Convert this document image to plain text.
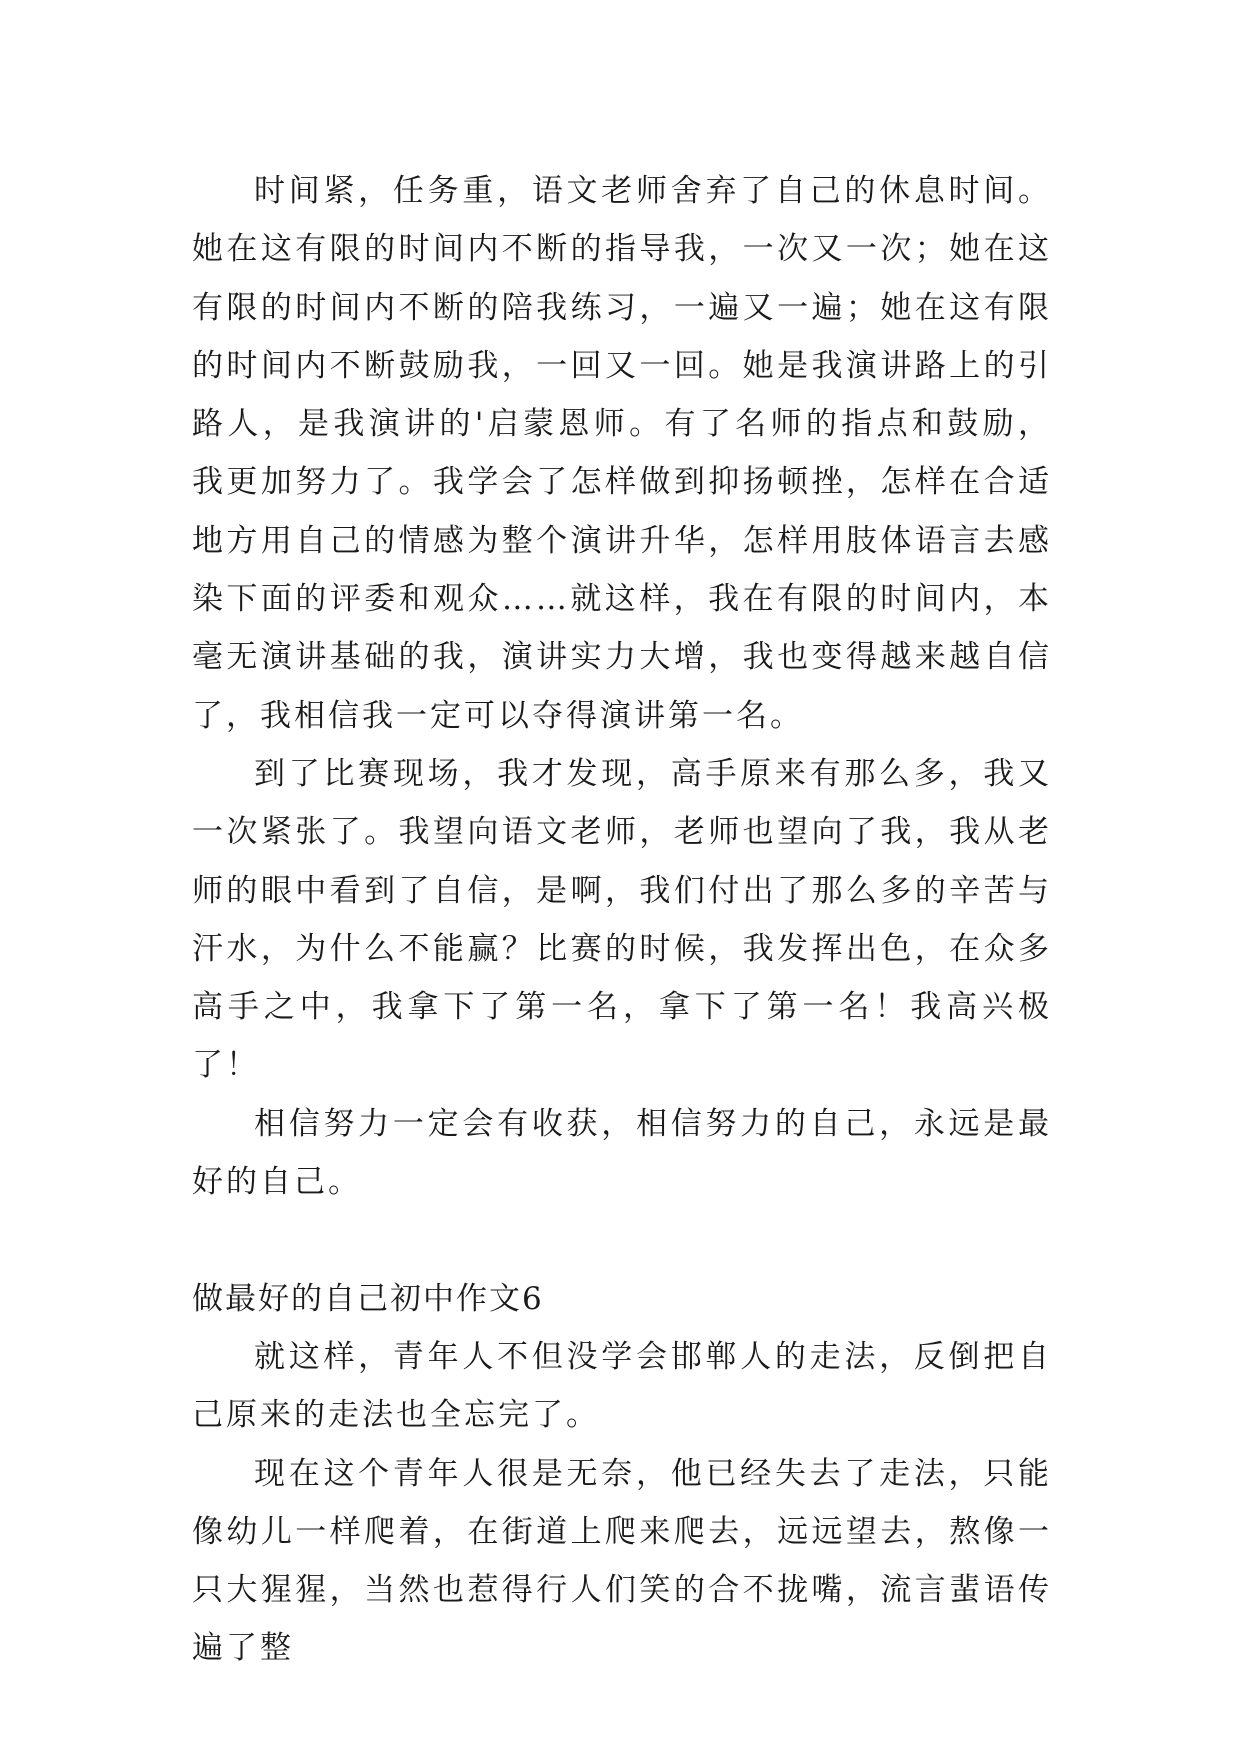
时间紧，任务重，语文老师舍弃了自己的休息时间。她在这有限的时间内不断的指导我，一次又一次；她在这有限的时间内不断的陪我练习，一遍又一遍；她在这有限的时间内不断鼓励我，一回又一回。她是我演讲路上的引路人，是我演讲的'启蒙恩师。有了名师的指点和鼓励，我更加努力了。我学会了怎样做到抑扬顿挫，怎样在合适地方用自己的情感为整个演讲升华，怎样用肢体语言去感染下面的评委和观众……就这样，我在有限的时间内，本毫无演讲基础的我，演讲实力大增，我也变得越来越自信了，我相信我一定可以夺得演讲第一名。

到了比赛现场，我才发现，高手原来有那么多，我又一次紧张了。我望向语文老师，老师也望向了我，我从老师的眼中看到了自信，是啊，我们付出了那么多的辛苦与汗水，为什么不能赢？比赛的时候，我发挥出色，在众多高手之中，我拿下了第一名，拿下了第一名！我高兴极了！

相信努力一定会有收获，相信努力的自己，永远是最好的自己。

做最好的自己初中作文6

就这样，青年人不但没学会邯郸人的走法，反倒把自己原来的走法也全忘完了。

现在这个青年人很是无奈，他已经失去了走法，只能像幼儿一样爬着，在街道上爬来爬去，远远望去，熬像一只大猩猩，当然也惹得行人们笑的合不拢嘴，流言蜚语传遍了整
